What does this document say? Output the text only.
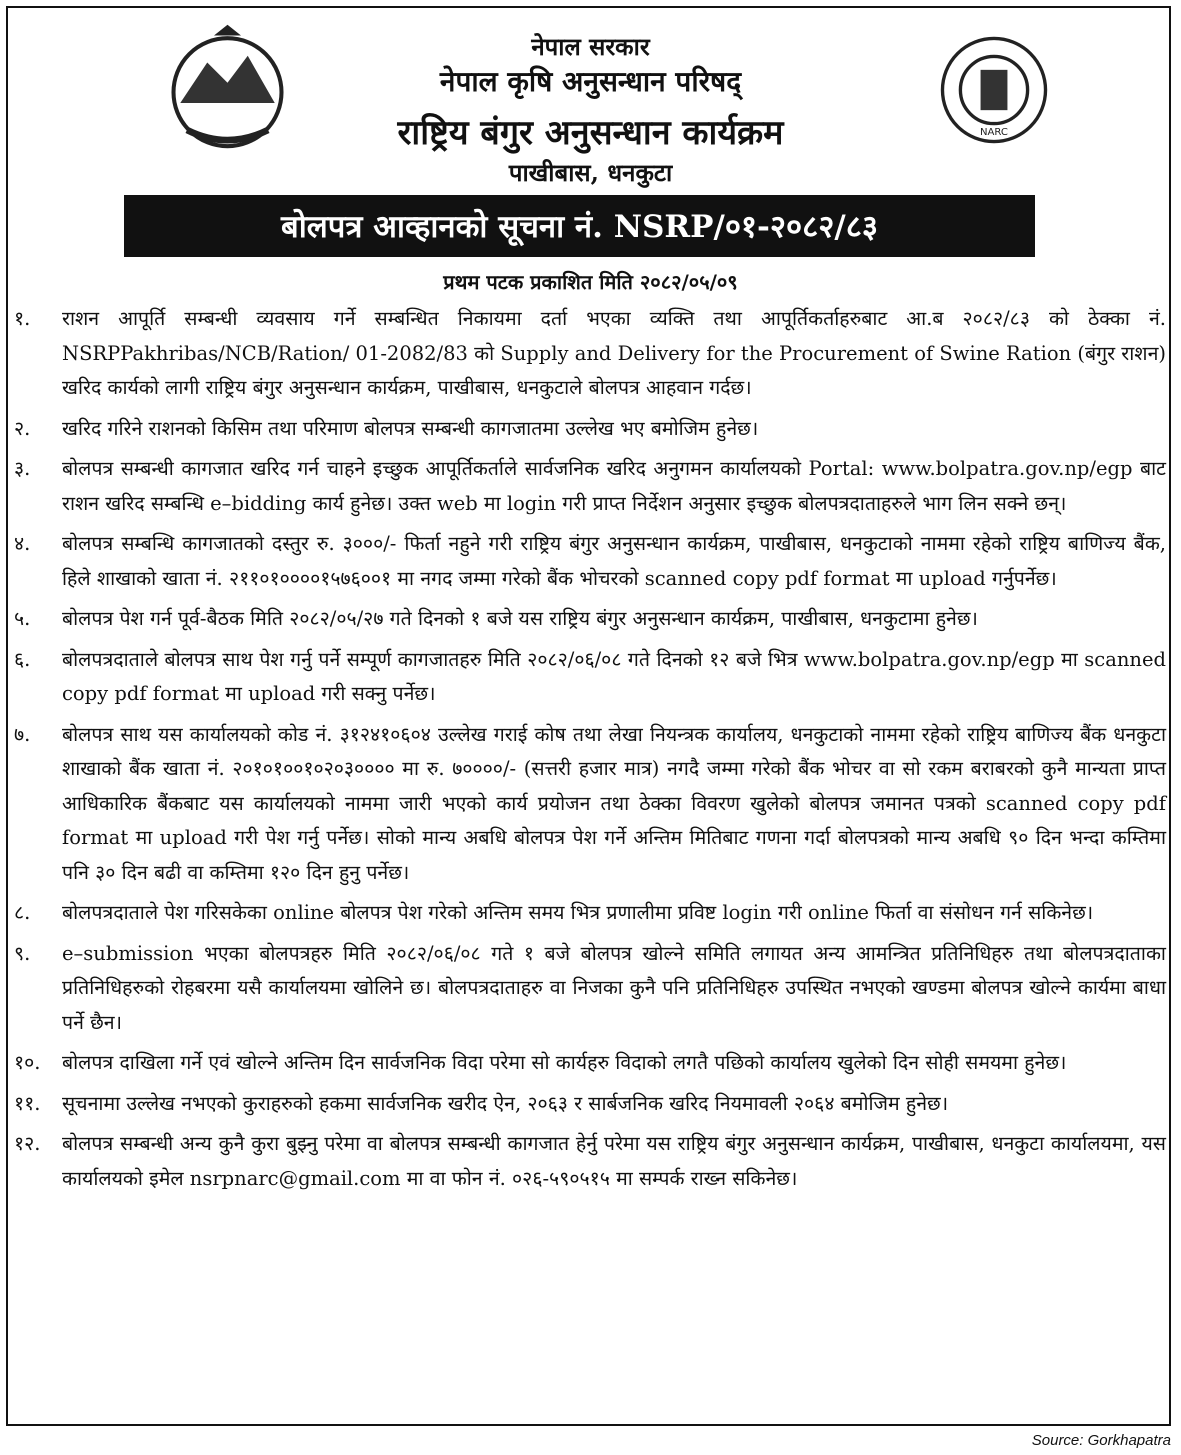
NARC
नेपाल सरकार
नेपाल कृषि अनुसन्धान परिषद्
राष्ट्रिय बंगुर अनुसन्धान कार्यक्रम
पाखीबास, धनकुटा
बोलपत्र आव्हानको सूचना नं. NSRP/०१-२०८२/८३
प्रथम पटक प्रकाशित मिति २०८२/०५/०९
१.	राशन आपूर्ति सम्बन्धी व्यवसाय गर्ने सम्बन्धित निकायमा दर्ता भएका व्यक्ति तथा आपूर्तिकर्ताहरुबाट आ.ब २०८२/८३ को ठेक्का नं. NSRPPakhribas/NCB/Ration/ 01-2082/83 को Supply and Delivery for the Procurement of Swine Ration (बंगुर राशन) खरिद कार्यको लागी राष्ट्रिय बंगुर अनुसन्धान कार्यक्रम, पाखीबास, धनकुटाले बोलपत्र आहवान गर्दछ।
२.	खरिद गरिने राशनको किसिम तथा परिमाण बोलपत्र सम्बन्धी कागजातमा उल्लेख भए बमोजिम हुनेछ।
३.	बोलपत्र सम्बन्धी कागजात खरिद गर्न चाहने इच्छुक आपूर्तिकर्ताले सार्वजनिक खरिद अनुगमन कार्यालयको Portal: www.bolpatra.gov.np/egp बाट राशन खरिद सम्बन्धि e–bidding कार्य हुनेछ। उक्त web मा login गरी प्राप्त निर्देशन अनुसार इच्छुक बोलपत्रदाताहरुले भाग लिन सक्ने छन्।
४.	बोलपत्र सम्बन्धि कागजातको दस्तुर रु. ३०००/- फिर्ता नहुने गरी राष्ट्रिय बंगुर अनुसन्धान कार्यक्रम, पाखीबास, धनकुटाको नाममा रहेको राष्ट्रिय बाणिज्य बैंक, हिले शाखाको खाता नं. २११०१००००१५७६००१ मा नगद जम्मा गरेको बैंक भोचरको scanned copy pdf format मा upload गर्नुपर्नेछ।
५.	बोलपत्र पेश गर्न पूर्व-बैठक मिति २०८२/०५/२७ गते दिनको १ बजे यस राष्ट्रिय बंगुर अनुसन्धान कार्यक्रम, पाखीबास, धनकुटामा हुनेछ।
६.	बोलपत्रदाताले बोलपत्र साथ पेश गर्नु पर्ने सम्पूर्ण कागजातहरु मिति २०८२/०६/०८ गते दिनको १२ बजे भित्र www.bolpatra.gov.np/egp मा scanned copy pdf format मा upload गरी सक्नु पर्नेछ।
७.	बोलपत्र साथ यस कार्यालयको कोड नं. ३१२४१०६०४ उल्लेख गराई कोष तथा लेखा नियन्त्रक कार्यालय, धनकुटाको नाममा रहेको राष्ट्रिय बाणिज्य बैंक धनकुटा शाखाको बैंक खाता नं. २०१०१००१०२०३०००० मा रु. ७००००/- (सत्तरी हजार मात्र) नगदै जम्मा गरेको बैंक भोचर वा सो रकम बराबरको कुनै मान्यता प्राप्त आधिकारिक बैंकबाट यस कार्यालयको नाममा जारी भएको कार्य प्रयोजन तथा ठेक्का विवरण खुलेको बोलपत्र जमानत पत्रको scanned copy pdf format मा upload गरी पेश गर्नु पर्नेछ। सोको मान्य अबधि बोलपत्र पेश गर्ने अन्तिम मितिबाट गणना गर्दा बोलपत्रको मान्य अबधि ९० दिन भन्दा कम्तिमा पनि ३० दिन बढी वा कम्तिमा १२० दिन हुनु पर्नेछ।
८.	बोलपत्रदाताले पेश गरिसकेका online बोलपत्र पेश गरेको अन्तिम समय भित्र प्रणालीमा प्रविष्ट login गरी online फिर्ता वा संसोधन गर्न सकिनेछ।
९.	e–submission भएका बोलपत्रहरु मिति २०८२/०६/०८ गते १ बजे बोलपत्र खोल्ने समिति लगायत अन्य आमन्त्रित प्रतिनिधिहरु तथा बोलपत्रदाताका प्रतिनिधिहरुको रोहबरमा यसै कार्यालयमा खोलिने छ। बोलपत्रदाताहरु वा निजका कुनै पनि प्रतिनिधिहरु उपस्थित नभएको खण्डमा बोलपत्र खोल्ने कार्यमा बाधा पर्ने छैन।
१०.	बोलपत्र दाखिला गर्ने एवं खोल्ने अन्तिम दिन सार्वजनिक विदा परेमा सो कार्यहरु विदाको लगतै पछिको कार्यालय खुलेको दिन सोही समयमा हुनेछ।
११.	सूचनामा उल्लेख नभएको कुराहरुको हकमा सार्वजनिक खरीद ऐन, २०६३ र सार्बजनिक खरिद नियमावली २०६४ बमोजिम हुनेछ।
१२.	बोलपत्र सम्बन्धी अन्य कुनै कुरा बुझ्नु परेमा वा बोलपत्र सम्बन्धी कागजात हेर्नु परेमा यस राष्ट्रिय बंगुर अनुसन्धान कार्यक्रम, पाखीबास, धनकुटा कार्यालयमा, यस कार्यालयको इमेल nsrpnarc@gmail.com मा वा फोन नं. ०२६-५९०५१५ मा सम्पर्क राख्न सकिनेछ।
Source: Gorkhapatra
